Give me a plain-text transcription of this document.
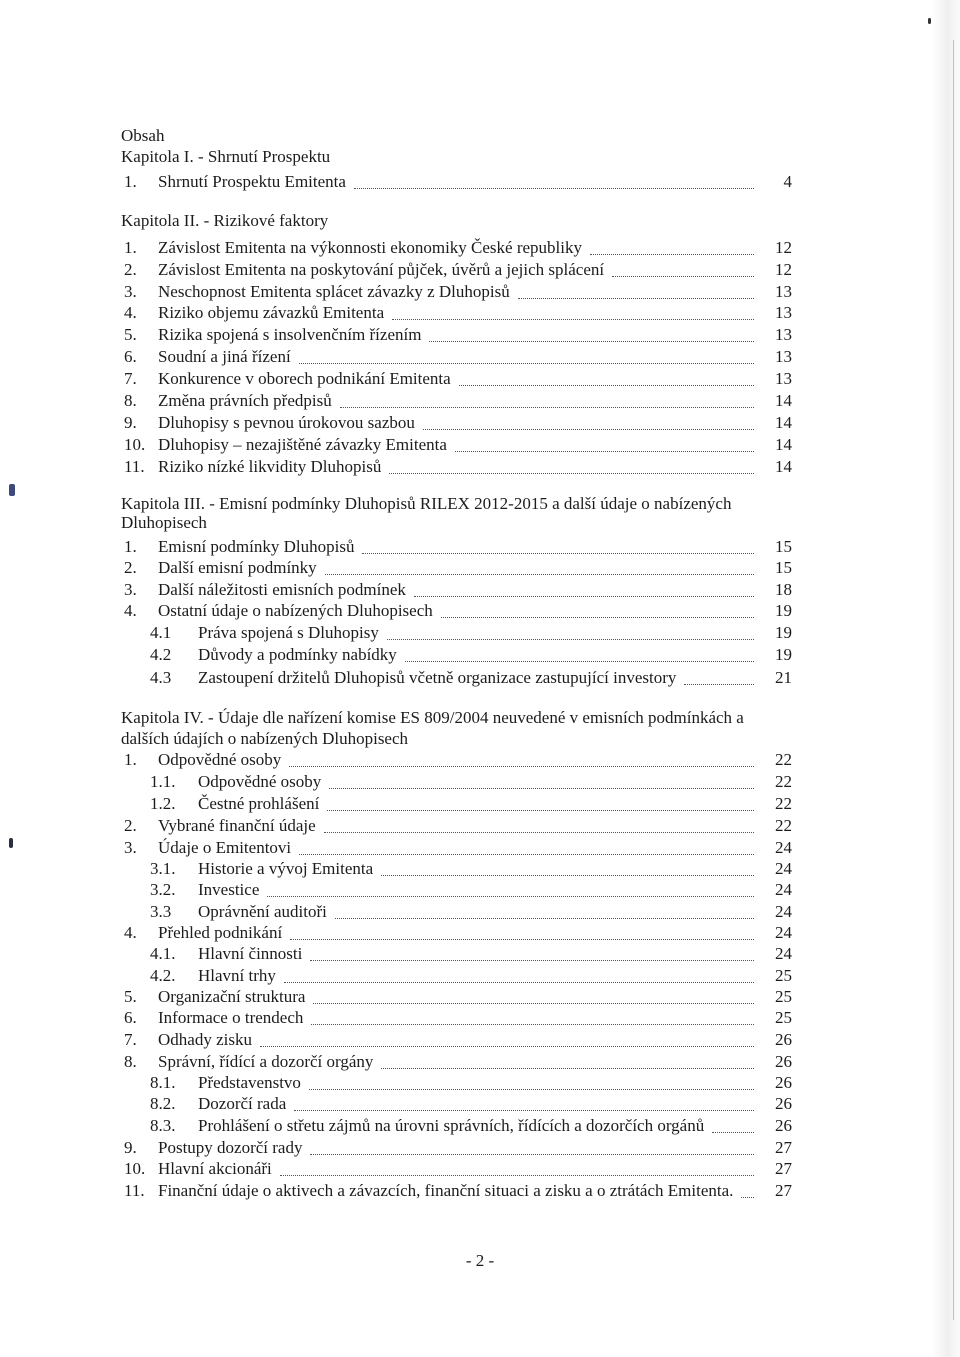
Obsah
Kapitola I. - Shrnutí Prospektu
1. Shrnutí Prospektu Emitenta	4
Kapitola II. - Rizikové faktory
1. Závislost Emitenta na výkonnosti ekonomiky České republiky	12
2. Závislost Emitenta na poskytování půjček, úvěrů a jejich splácení	12
3. Neschopnost Emitenta splácet závazky z Dluhopisů	13
4. Riziko objemu závazků Emitenta	13
5. Rizika spojená s insolvenčním řízením	13
6. Soudní a jiná řízení	13
7. Konkurence v oborech podnikání Emitenta	13
8. Změna právních předpisů	14
9. Dluhopisy s pevnou úrokovou sazbou	14
10. Dluhopisy – nezajištěné závazky Emitenta	14
11. Riziko nízké likvidity Dluhopisů	14
Kapitola III. - Emisní podmínky Dluhopisů RILEX 2012-2015 a další údaje o nabízených
Dluhopisech
1. Emisní podmínky Dluhopisů	15
2. Další emisní podmínky	15
3. Další náležitosti emisních podmínek	18
4. Ostatní údaje o nabízených Dluhopisech	19
4.1 Práva spojená s Dluhopisy	19
4.2 Důvody a podmínky nabídky	19
4.3 Zastoupení držitelů Dluhopisů včetně organizace zastupující investory	21
Kapitola IV. - Údaje dle nařízení komise ES 809/2004 neuvedené v emisních podmínkách a
dalších údajích o nabízených Dluhopisech
1. Odpovědné osoby	22
1.1. Odpovědné osoby	22
1.2. Čestné prohlášení	22
2. Vybrané finanční údaje	22
3. Údaje o Emitentovi	24
3.1. Historie a vývoj Emitenta	24
3.2. Investice	24
3.3 Oprávnění auditoři	24
4. Přehled podnikání	24
4.1. Hlavní činnosti	24
4.2. Hlavní trhy	25
5. Organizační struktura	25
6. Informace o trendech	25
7. Odhady zisku	26
8. Správní, řídící a dozorčí orgány	26
8.1. Představenstvo	26
8.2. Dozorčí rada	26
8.3. Prohlášení o střetu zájmů na úrovni správních, řídících a dozorčích orgánů	26
9. Postupy dozorčí rady	27
10. Hlavní akcionáři	27
11. Finanční údaje o aktivech a závazcích, finanční situaci a zisku a o ztrátách Emitenta.	27
- 2 -
